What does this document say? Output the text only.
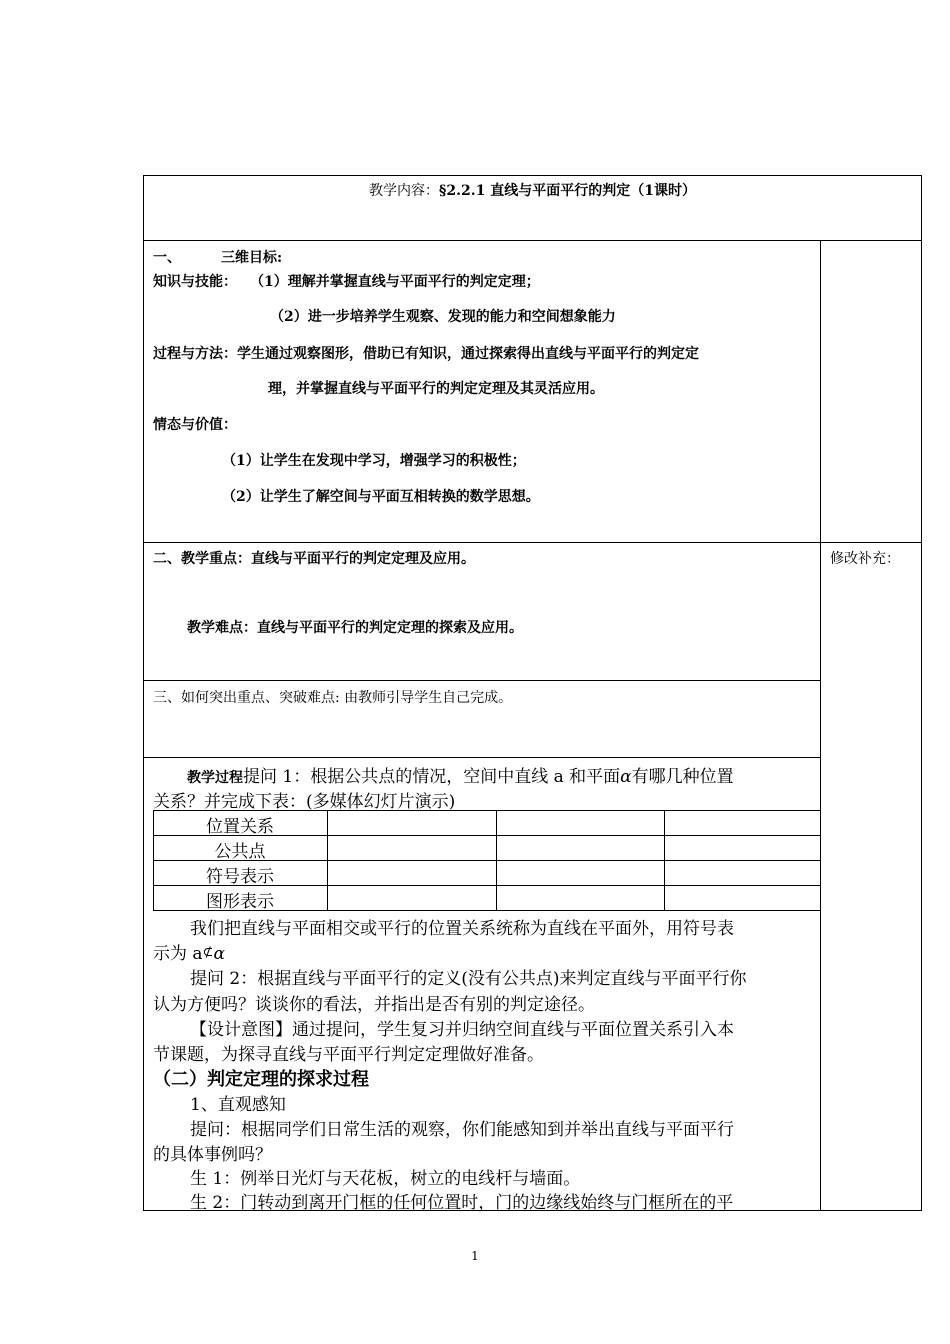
教学内容：§2.2.1 直线与平面平行的判定（1课时）
一、	三维目标:
知识与技能： （1）理解并掌握直线与平面平行的判定定理；
（2）进一步培养学生观察、发现的能力和空间想象能力
过程与方法：学生通过观察图形，借助已有知识，通过探索得出直线与平面平行的判定定
理，并掌握直线与平面平行的判定定理及其灵活应用。
情态与价值：
（1）让学生在发现中学习，增强学习的积极性；
（2）让学生了解空间与平面互相转换的数学思想。
修改补充：
二、教学重点：直线与平面平行的判定定理及应用。
教学难点：直线与平面平行的判定定理的探索及应用。
三、如何突出重点、突破难点: 由教师引导学生自己完成。
教学过程提问 1：根据公共点的情况，空间中直线 a 和平面α有哪几种位置
关系？并完成下表：(多媒体幻灯片演示)
位置关系
公共点
符号表示
图形表示
我们把直线与平面相交或平行的位置关系统称为直线在平面外，用符号表
示为 a⊄α
提问 2：根据直线与平面平行的定义(没有公共点)来判定直线与平面平行你
认为方便吗？谈谈你的看法，并指出是否有别的判定途径。
【设计意图】通过提问，学生复习并归纳空间直线与平面位置关系引入本
节课题，为探寻直线与平面平行判定定理做好准备。
（二）判定定理的探求过程
1、直观感知
提问：根据同学们日常生活的观察，你们能感知到并举出直线与平面平行
的具体事例吗？
生 1：例举日光灯与天花板，树立的电线杆与墙面。
生 2：门转动到离开门框的任何位置时，门的边缘线始终与门框所在的平
1
